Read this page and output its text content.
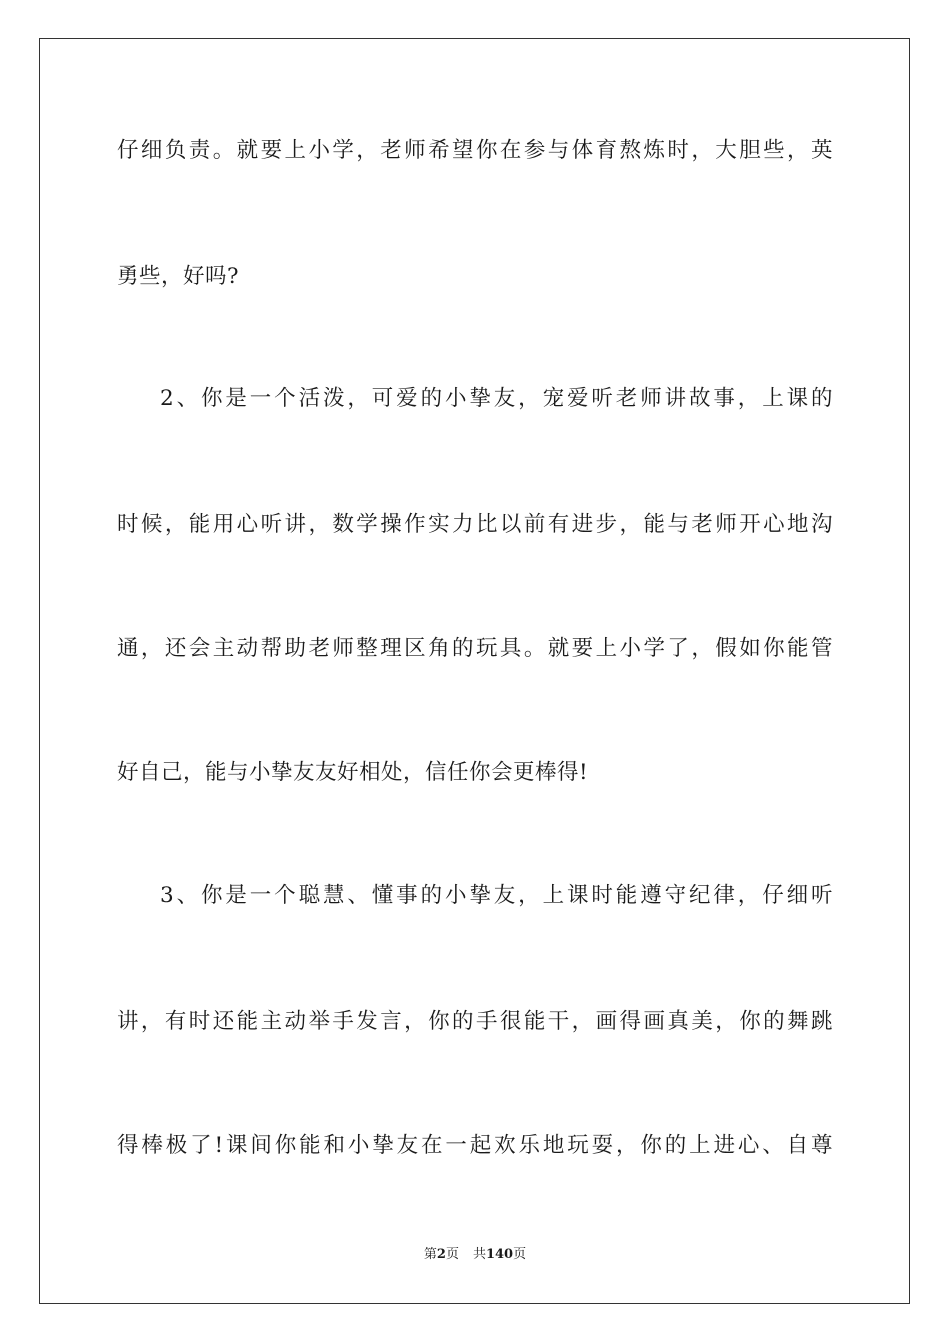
仔细负责。就要上小学，老师希望你在参与体育熬炼时，大胆些，英
勇些，好吗?
2、你是一个活泼，可爱的小挚友，宠爱听老师讲故事，上课的
时候，能用心听讲，数学操作实力比以前有进步，能与老师开心地沟
通，还会主动帮助老师整理区角的玩具。就要上小学了，假如你能管
好自己，能与小挚友友好相处，信任你会更棒得!
3、你是一个聪慧、懂事的小挚友，上课时能遵守纪律，仔细听
讲，有时还能主动举手发言，你的手很能干，画得画真美，你的舞跳
得棒极了!课间你能和小挚友在一起欢乐地玩耍，你的上进心、自尊
第2页 共140页
